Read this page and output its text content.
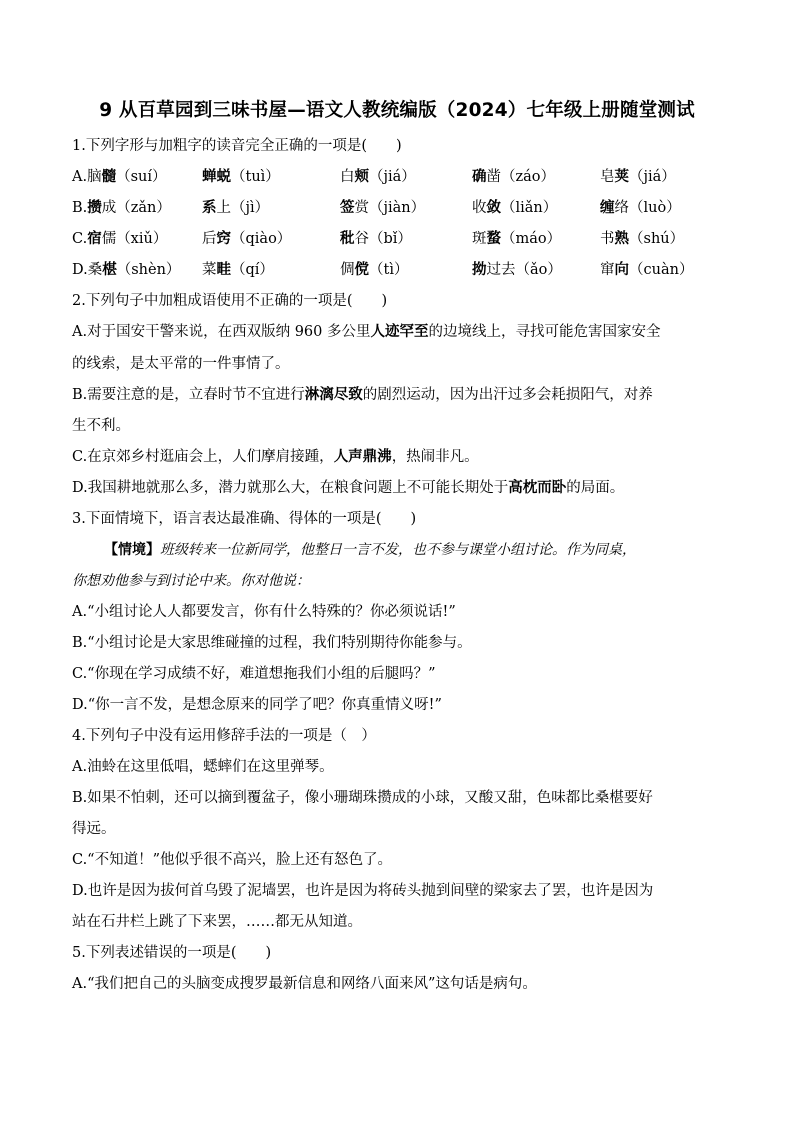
9 从百草园到三味书屋—语文人教统编版（2024）七年级上册随堂测试
1.下列字形与加粗字的读音完全正确的一项是(　　)
A.脑髓（suí） 蝉蜕（tuì）	白颊（jiá）	确凿（záo）	皂荚（jiá）
B.攒成（zǎn） 系上（jì）	签赏（jiàn）	收敛（liǎn）	缠络（luò）
C.宿儒（xiǔ） 后窍（qiào）	秕谷（bǐ）	斑蝥（máo）	书熟（shú）
D.桑椹（shèn） 菜畦（qí）	倜傥（tì）	拗过去（ǎo）	窜向（cuàn）
2.下列句子中加粗成语使用不正确的一项是(　　)
A.对于国安干警来说，在西双版纳 960 多公里人迹罕至的边境线上，寻找可能危害国家安全
的线索，是太平常的一件事情了。
B.需要注意的是，立春时节不宜进行淋漓尽致的剧烈运动，因为出汗过多会耗损阳气，对养
生不利。
C.在京郊乡村逛庙会上，人们摩肩接踵，人声鼎沸，热闹非凡。
D.我国耕地就那么多，潜力就那么大，在粮食问题上不可能长期处于高枕而卧的局面。
3.下面情境下，语言表达最准确、得体的一项是(　　)
【情境】班级转来一位新同学，他整日一言不发，也不参与课堂小组讨论。作为同桌，
你想劝他参与到讨论中来。你对他说：
A.“小组讨论人人都要发言，你有什么特殊的？你必须说话!”
B.“小组讨论是大家思维碰撞的过程，我们特别期待你能参与。
C.“你现在学习成绩不好，难道想拖我们小组的后腿吗？”
D.“你一言不发，是想念原来的同学了吧？你真重情义呀!”
4.下列句子中没有运用修辞手法的一项是（　）
A.油蛉在这里低唱，蟋蟀们在这里弹琴。
B.如果不怕刺，还可以摘到覆盆子，像小珊瑚珠攒成的小球，又酸又甜，色味都比桑椹要好
得远。
C.“不知道！”他似乎很不高兴，脸上还有怒色了。
D.也许是因为拔何首乌毁了泥墙罢，也许是因为将砖头抛到间壁的梁家去了罢，也许是因为
站在石井栏上跳了下来罢，……都无从知道。
5.下列表述错误的一项是(　　)
A.“我们把自己的头脑变成搜罗最新信息和网络八面来风”这句话是病句。
